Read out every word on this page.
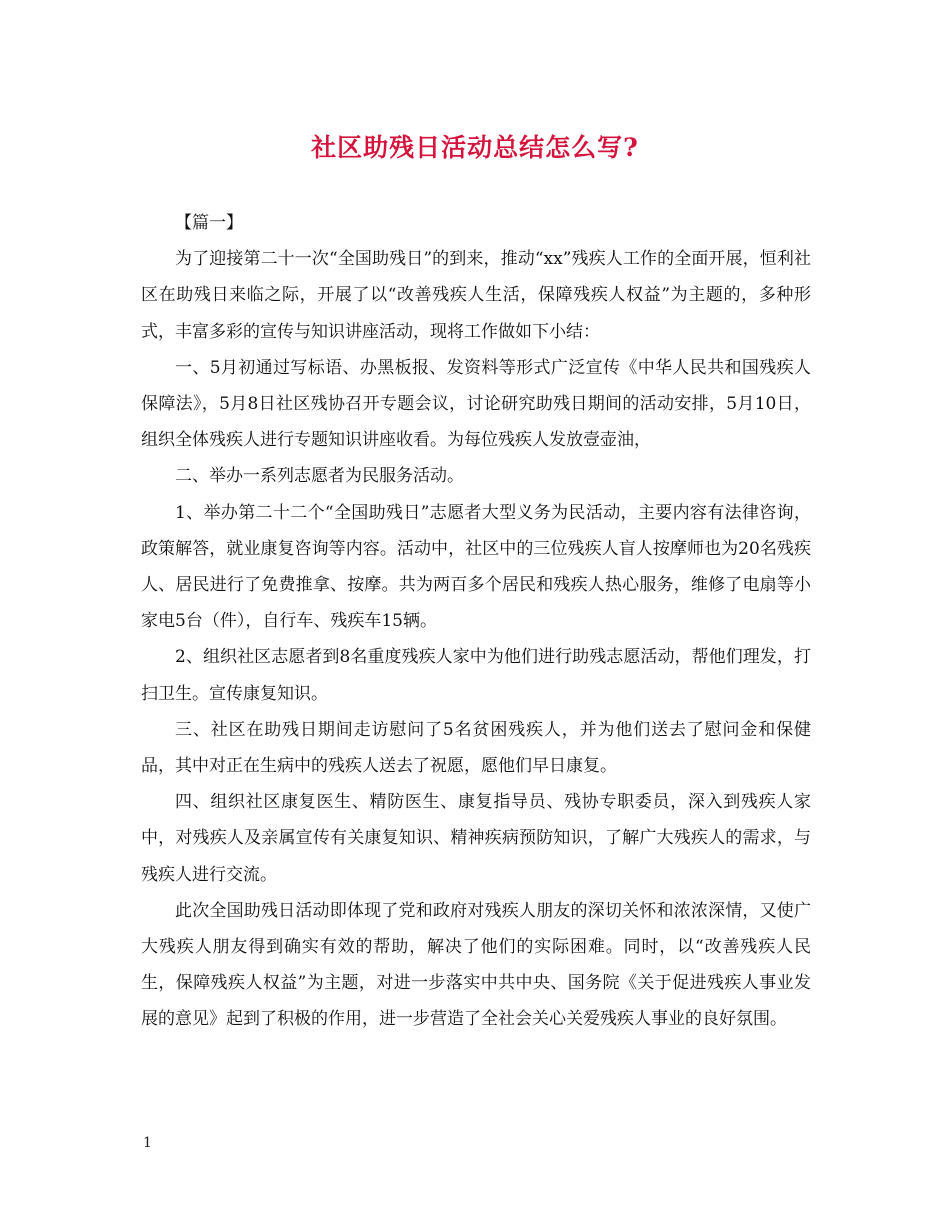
社区助残日活动总结怎么写?

【篇一】

为了迎接第二十一次“全国助残日”的到来，推动“xx”残疾人工作的全面开展，恒利社区在助残日来临之际，开展了以“改善残疾人生活，保障残疾人权益”为主题的，多种形式，丰富多彩的宣传与知识讲座活动，现将工作做如下小结：

一、5月初通过写标语、办黑板报、发资料等形式广泛宣传《中华人民共和国残疾人保障法》，5月8日社区残协召开专题会议，讨论研究助残日期间的活动安排，5月10日，组织全体残疾人进行专题知识讲座收看。为每位残疾人发放壹壶油，

二、举办一系列志愿者为民服务活动。

1、举办第二十二个“全国助残日”志愿者大型义务为民活动，主要内容有法律咨询，政策解答，就业康复咨询等内容。活动中，社区中的三位残疾人盲人按摩师也为20名残疾人、居民进行了免费推拿、按摩。共为两百多个居民和残疾人热心服务，维修了电扇等小家电5台（件），自行车、残疾车15辆。

2、组织社区志愿者到8名重度残疾人家中为他们进行助残志愿活动，帮他们理发，打扫卫生。宣传康复知识。

三、社区在助残日期间走访慰问了5名贫困残疾人，并为他们送去了慰问金和保健品，其中对正在生病中的残疾人送去了祝愿，愿他们早日康复。

四、组织社区康复医生、精防医生、康复指导员、残协专职委员，深入到残疾人家中，对残疾人及亲属宣传有关康复知识、精神疾病预防知识，了解广大残疾人的需求，与残疾人进行交流。

此次全国助残日活动即体现了党和政府对残疾人朋友的深切关怀和浓浓深情，又使广大残疾人朋友得到确实有效的帮助，解决了他们的实际困难。同时，以“改善残疾人民生，保障残疾人权益”为主题，对进一步落实中共中央、国务院《关于促进残疾人事业发展的意见》起到了积极的作用，进一步营造了全社会关心关爱残疾人事业的良好氛围。

1
